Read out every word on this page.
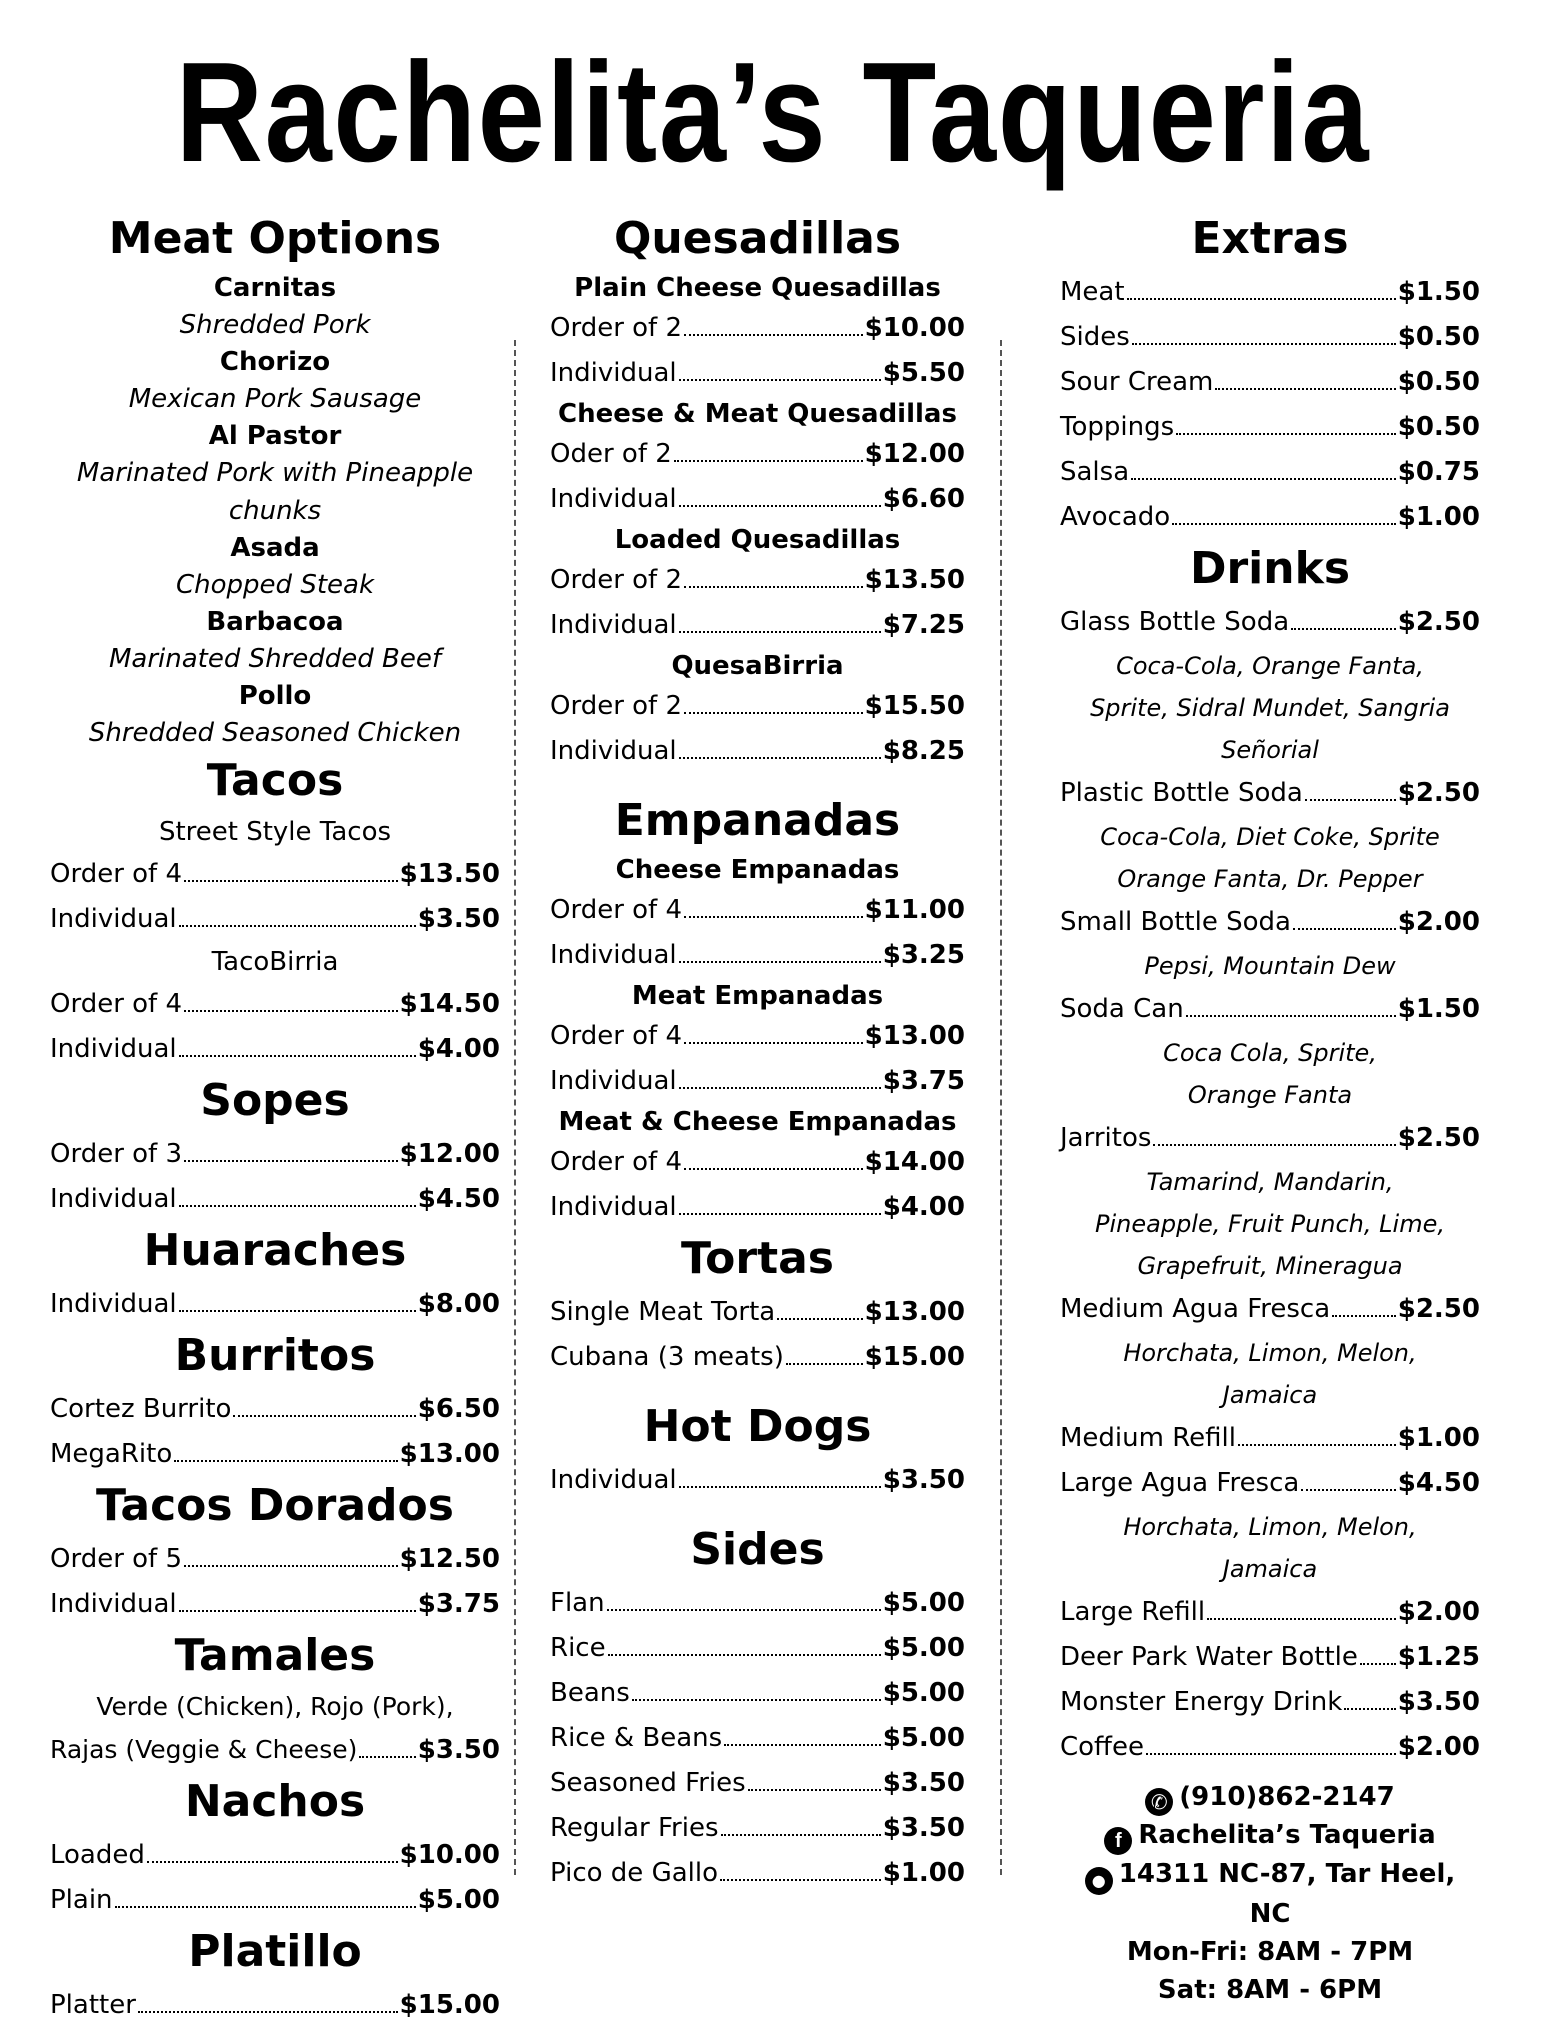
Rachelita’s Taqueria
Meat Options
Carnitas
Shredded Pork
Chorizo
Mexican Pork Sausage
Al Pastor
Marinated Pork with Pineapple chunks
Asada
Chopped Steak
Barbacoa
Marinated Shredded Beef
Pollo
Shredded Seasoned Chicken
Tacos
Street Style Tacos
Order of 4	$13.50
Individual	$3.50
TacoBirria
Order of 4	$14.50
Individual	$4.00
Sopes
Order of 3	$12.00
Individual	$4.50
Huaraches
Individual	$8.00
Burritos
Cortez Burrito	$6.50
MegaRito	$13.00
Tacos Dorados
Order of 5	$12.50
Individual	$3.75
Tamales
Verde (Chicken), Rojo (Pork),
Rajas (Veggie & Cheese) $3.50
Nachos
Loaded	$10.00
Plain	$5.00
Platillo
Platter	$15.00
Quesadillas
Plain Cheese Quesadillas
Order of 2	$10.00
Individual	$5.50
Cheese & Meat Quesadillas
Oder of 2	$12.00
Individual	$6.60
Loaded Quesadillas
Order of 2	$13.50
Individual	$7.25
QuesaBirria
Order of 2	$15.50
Individual	$8.25
Empanadas
Cheese Empanadas
Order of 4	$11.00
Individual	$3.25
Meat Empanadas
Order of 4	$13.00
Individual	$3.75
Meat & Cheese Empanadas
Order of 4	$14.00
Individual	$4.00
Tortas
Single Meat Torta	$13.00
Cubana (3 meats)	$15.00
Hot Dogs
Individual	$3.50
Sides
Flan	$5.00
Rice	$5.00
Beans	$5.00
Rice & Beans	$5.00
Seasoned Fries	$3.50
Regular Fries	$3.50
Pico de Gallo	$1.00
Extras
Meat	$1.50
Sides	$0.50
Sour Cream	$0.50
Toppings	$0.50
Salsa	$0.75
Avocado	$1.00
Drinks
Glass Bottle Soda	$2.50
Coca-Cola, Orange Fanta,
Sprite, Sidral Mundet, Sangria
Señorial
Plastic Bottle Soda	$2.50
Coca-Cola, Diet Coke, Sprite
Orange Fanta, Dr. Pepper
Small Bottle Soda	$2.00
Pepsi, Mountain Dew
Soda Can	$1.50
Coca Cola, Sprite,
Orange Fanta
Jarritos	$2.50
Tamarind, Mandarin,
Pineapple, Fruit Punch, Lime,
Grapefruit, Mineragua
Medium Agua Fresca	$2.50
Horchata, Limon, Melon,
Jamaica
Medium Refill	$1.00
Large Agua Fresca	$4.50
Horchata, Limon, Melon,
Jamaica
Large Refill	$2.00
Deer Park Water Bottle $1.25
Monster Energy Drink $3.50
Coffee	$2.00
✆ (910)862-2147
f Rachelita’s Taqueria
● 14311 NC-87, Tar Heel, NC
Mon-Fri: 8AM - 7PM
Sat: 8AM - 6PM
